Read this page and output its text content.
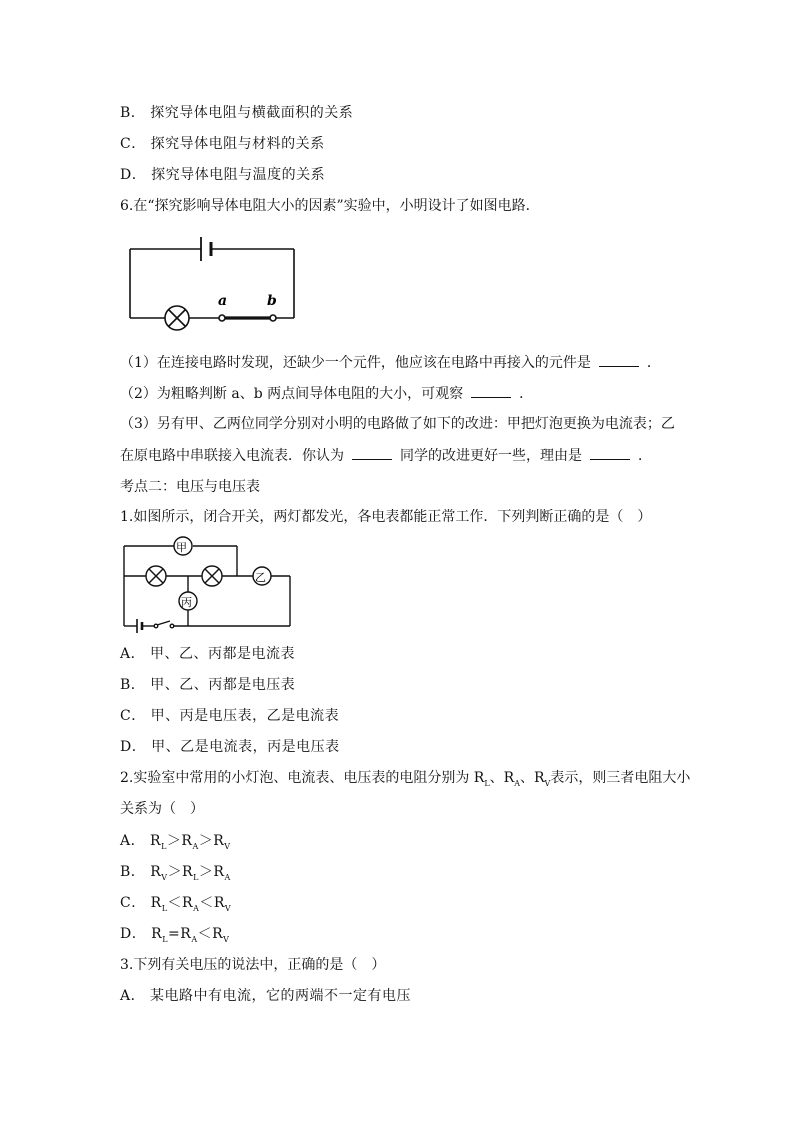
B． 探究导体电阻与横截面积的关系
C． 探究导体电阻与材料的关系
D． 探究导体电阻与温度的关系
6.在“探究影响导体电阻大小的因素”实验中，小明设计了如图电路．
a	b
（1）在连接电路时发现，还缺少一个元件，他应该在电路中再接入的元件是	．
（2）为粗略判断 a、b 两点间导体电阻的大小，可观察	．
（3）另有甲、乙两位同学分别对小明的电路做了如下的改进：甲把灯泡更换为电流表；乙
在原电路中串联接入电流表．你认为	同学的改进更好一些，理由是	．
考点二：电压与电压表
1.如图所示，闭合开关，两灯都发光，各电表都能正常工作．下列判断正确的是（　）
甲
乙
丙
A． 甲、乙、丙都是电流表
B． 甲、乙、丙都是电压表
C． 甲、丙是电压表，乙是电流表
D． 甲、乙是电流表，丙是电压表
2.实验室中常用的小灯泡、电流表、电压表的电阻分别为 $R_L$、$R_A$、$R_V$表示，则三者电阻大小
关系为（　）
A． $R_L>R_A>R_V$
B． $R_V>R_L>R_A$
C． $R_L<R_A<R_V$
D． $R_L=R_A<R_V$
3.下列有关电压的说法中，正确的是（　）
A． 某电路中有电流，它的两端不一定有电压
